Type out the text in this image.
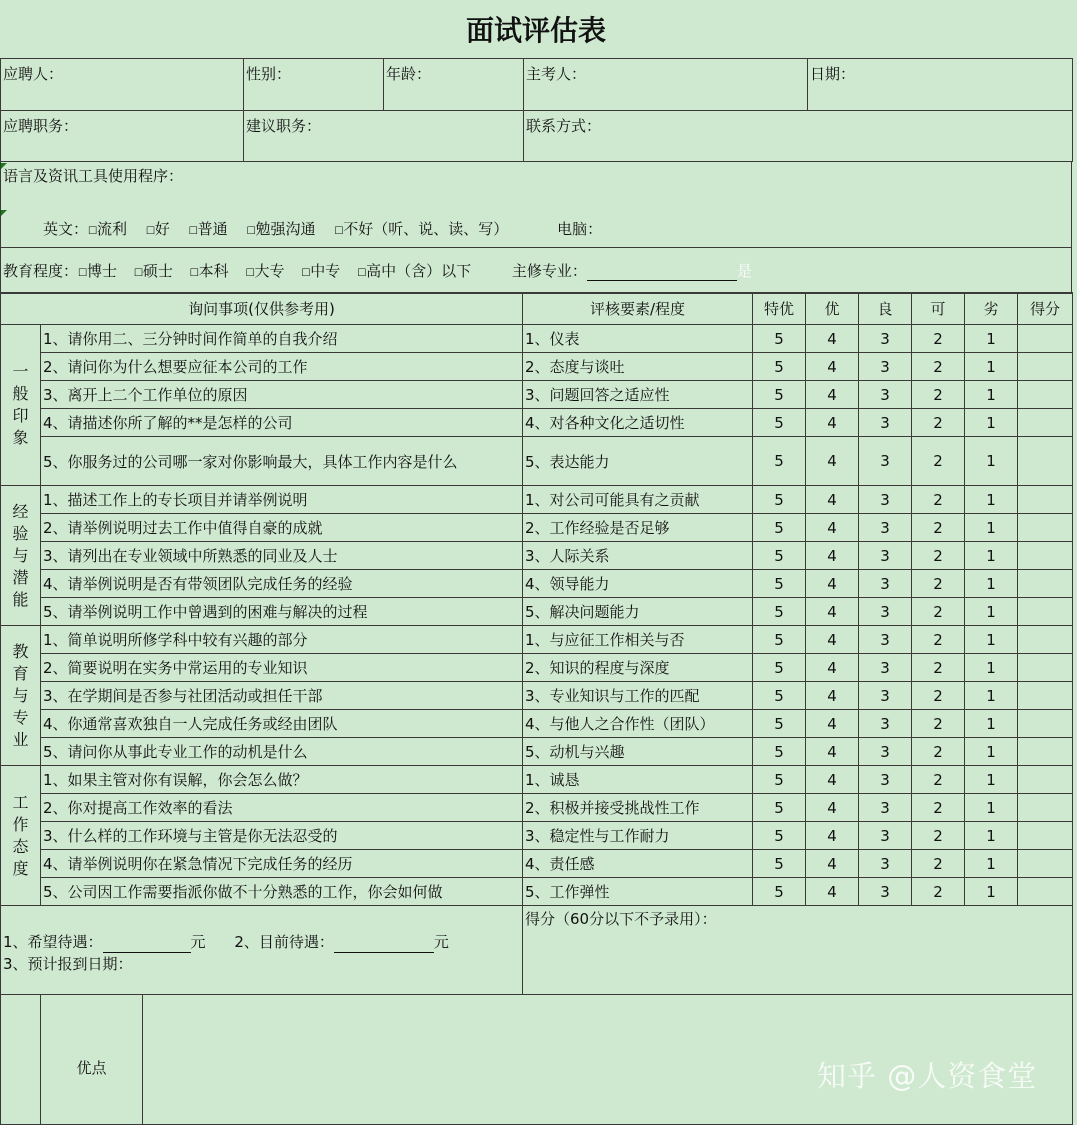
面试评估表
应聘人：	性别：	年龄：	主考人：	日期：
应聘职务：	建议职务：		联系方式：	
语言及资讯工具使用程序：
英文：☐流利 ☐好 ☐普通 ☐勉强沟通 ☐不好（听、说、读、写）	电脑：
教育程度：☐博士 ☐硕士 ☐本科 ☐大专 ☐中专 ☐高中（含）以下	主修专业：	是
询问事项(仅供参考用)		评核要素/程度	特优	优	良	可	劣	得分

一般印象	1、请你用二、三分钟时间作简单的自我介绍	1、仪表	5	4	3	2	1	
	2、请问你为什么想要应征本公司的工作	2、态度与谈吐	5	4	3	2	1	
	3、离开上二个工作单位的原因	3、问题回答之适应性	5	4	3	2	1	
	4、请描述你所了解的**是怎样的公司	4、对各种文化之适切性	5	4	3	2	1	
	5、你服务过的公司哪一家对你影响最大，具体工作内容是什么	5、表达能力	5	4	3	2	1	

经验与潜能	1、描述工作上的专长项目并请举例说明	1、对公司可能具有之贡献	5	4	3	2	1	
	2、请举例说明过去工作中值得自豪的成就	2、工作经验是否足够	5	4	3	2	1	
	3、请列出在专业领域中所熟悉的同业及人士	3、人际关系	5	4	3	2	1	
	4、请举例说明是否有带领团队完成任务的经验	4、领导能力	5	4	3	2	1	
	5、请举例说明工作中曾遇到的困难与解决的过程	5、解决问题能力	5	4	3	2	1	

教育与专业	1、简单说明所修学科中较有兴趣的部分	1、与应征工作相关与否	5	4	3	2	1	
	2、简要说明在实务中常运用的专业知识	2、知识的程度与深度	5	4	3	2	1	
	3、在学期间是否参与社团活动或担任干部	3、专业知识与工作的匹配	5	4	3	2	1	
	4、你通常喜欢独自一人完成任务或经由团队	4、与他人之合作性（团队）	5	4	3	2	1	
	5、请问你从事此专业工作的动机是什么	5、动机与兴趣	5	4	3	2	1	

工作态度	1、如果主管对你有误解，你会怎么做？	1、诚恳	5	4	3	2	1	
	2、你对提高工作效率的看法	2、积极并接受挑战性工作	5	4	3	2	1	
	3、什么样的工作环境与主管是你无法忍受的	3、稳定性与工作耐力	5	4	3	2	1	
	4、请举例说明你在紧急情况下完成任务的经历	4、责任感	5	4	3	2	1	
	5、公司因工作需要指派你做不十分熟悉的工作，你会如何做	5、工作弹性	5	4	3	2	1	
1、希望待遇： 元 2、目前待遇： 元
3、预计报到日期：			得分（60分以下不予录用）：
	优点			知乎 @人资食堂
